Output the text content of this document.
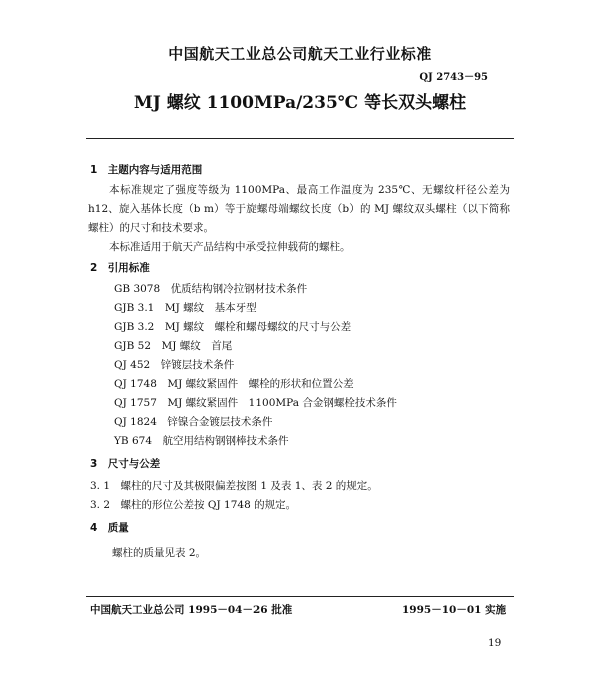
中国航天工业总公司航天工业行业标准
QJ 2743－95
MJ 螺纹 1100MPa/235℃ 等长双头螺柱
1　主题内容与适用范围
本标准规定了强度等级为 1100MPa、最高工作温度为 235℃、无螺纹杆径公差为 h12、旋入基体长度（b m）等于旋螺母端螺纹长度（b）的 MJ 螺纹双头螺柱（以下简称螺柱）的尺寸和技术要求。
本标准适用于航天产品结构中承受拉伸载荷的螺柱。
2　引用标准
GB 3078　优质结构钢冷拉钢材技术条件
GJB 3.1　MJ 螺纹　基本牙型
GJB 3.2　MJ 螺纹　螺栓和螺母螺纹的尺寸与公差
GJB 52　MJ 螺纹　首尾
QJ 452　锌镀层技术条件
QJ 1748　MJ 螺纹紧固件　螺栓的形状和位置公差
QJ 1757　MJ 螺纹紧固件　1100MPa 合金钢螺栓技术条件
QJ 1824　锌镍合金镀层技术条件
YB 674　航空用结构钢钢棒技术条件
3　尺寸与公差
3. 1　螺柱的尺寸及其极限偏差按图 1 及表 1、表 2 的规定。
3. 2　螺柱的形位公差按 QJ 1748 的规定。
4　质量
螺柱的质量见表 2。
中国航天工业总公司 1995－04－26 批准	1995－10－01 实施
19
